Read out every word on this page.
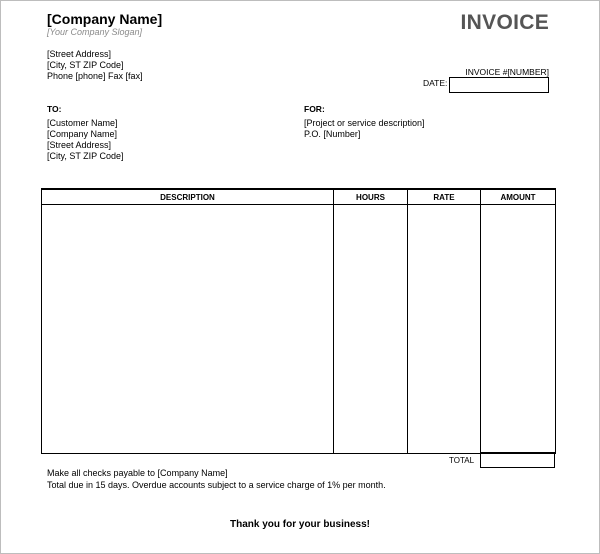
[Company Name]
[Your Company Slogan]
[Street Address]
[City, ST ZIP Code]
Phone [phone] Fax [fax]
INVOICE
INVOICE #[NUMBER]
DATE:
TO:
[Customer Name]
[Company Name]
[Street Address]
[City, ST ZIP Code]
FOR:
[Project or service description]
P.O. [Number]
DESCRIPTION	HOURS	RATE	AMOUNT

TOTAL
Make all checks payable to [Company Name]
Total due in 15 days. Overdue accounts subject to a service charge of 1% per month.
Thank you for your business!
